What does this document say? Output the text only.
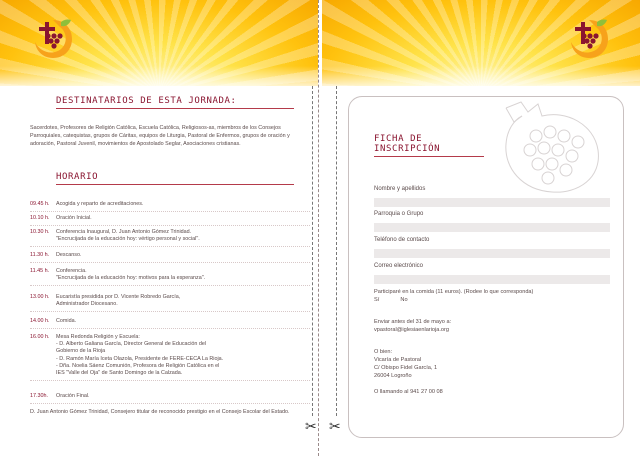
DESTINATARIOS DE ESTA JORNADA:
Sacerdotes, Profesores de Religión Católica, Escuela Católica, Religiosos-as, miembros de los Consejos Parroquiales, catequistas, grupos de Cáritas, equipos de Liturgia, Pastoral de Enfermos, grupos de oración y adoración, Pastoral Juvenil, movimientos de Apostolado Seglar, Asociaciones cristianas.
HORARIO
09.45 h.	Acogida y reparto de acreditaciones.
10.10 h.	Oración Inicial.
10.30 h.	Conferencia Inaugural, D. Juan Antonio Gómez Trinidad.
"Encrucijada de la educación hoy: vértigo personal y social".
11.30 h.	Descanso.
11.45 h.	Conferencia.
"Encrucijada de la educación hoy: motivos para la esperanza".
13.00 h.	Eucaristía presidida por D. Vicente Robredo García,
Administrador Diocesano.
14.00 h.	Comida.
16.00 h.	Mesa Redonda Religión y Escuela:
- D. Alberto Galiana García, Director General de Educación del
Gobierno de la Rioja
- D. Ramón María Iceta Olazola, Presidente de FERE-CECA La Rioja.
- Dña. Noelia Sáenz Comunión, Profesora de Religión Católica en el
IES "Valle del Oja" de Santo Domingo de la Calzada.
17.30h.	Oración Final.
D. Juan Antonio Gómez Trinidad, Consejero titular de reconocido prestigio en el Consejo Escolar del Estado.
✂
FICHA DE INSCRIPCIÓN
Nombre y apellidos
Parroquia o Grupo
Teléfono de contacto
Correo electrónico
Participaré en la comida (11 euros). (Rodee lo que corresponda)
Sí	No
Enviar antes del 31 de mayo a:
vpastoral@iglesiaenlarioja.org
O bien:
Vicaría de Pastoral
C/ Obispo Fidel García, 1
26004 Logroño
O llamando al 941 27 00 08
✂
